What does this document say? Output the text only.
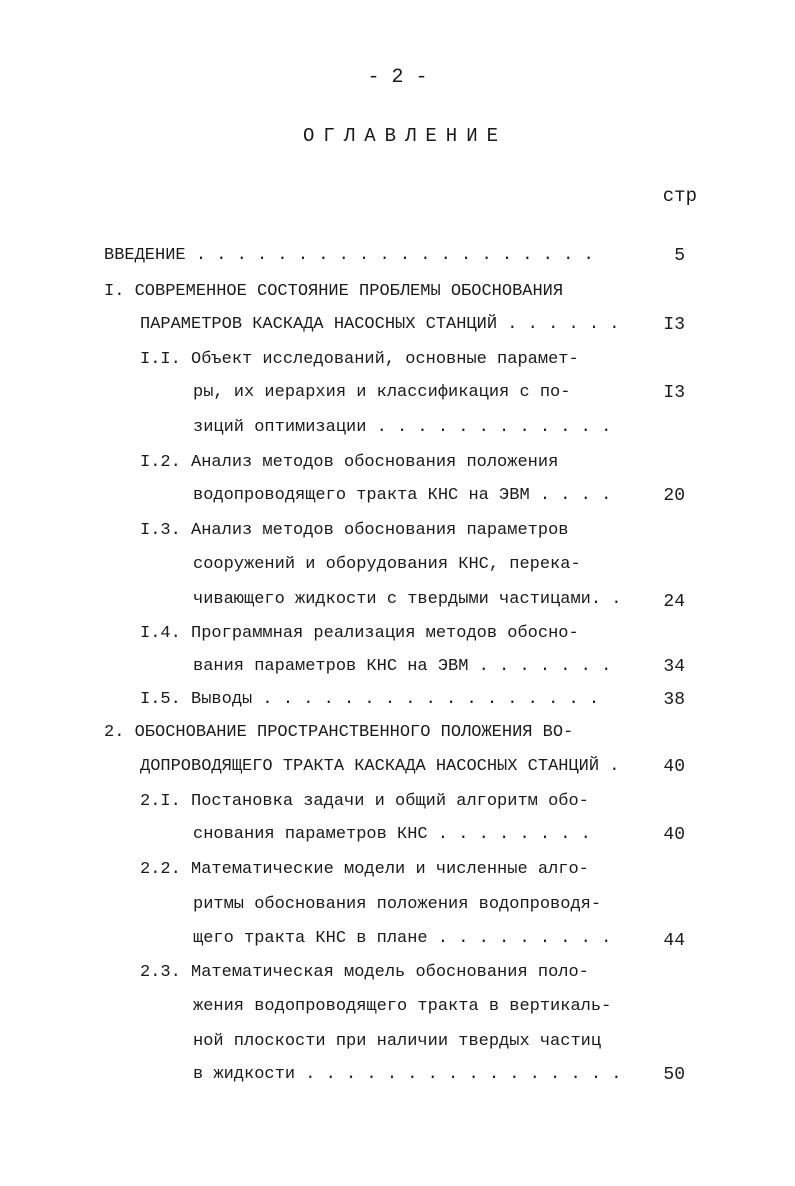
- 2 -
ОГЛАВЛЕНИЕ
стр
ВВЕДЕНИЕ . . . . . . . . . . . . . . . . . . . .	5
I. СОВРЕМЕННОЕ СОСТОЯНИЕ ПРОБЛЕМЫ ОБОСНОВАНИЯ
ПАРАМЕТРОВ КАСКАДА НАСОСНЫХ СТАНЦИЙ . . . . . . I3
I.I. Объект исследований, основные парамет-
ры, их иерархия и классификация с по-	I3
зиций оптимизации . . . . . . . . . . . .
I.2. Анализ методов обоснования положения
водопроводящего тракта КНС на ЭВМ . . . .	20
I.3. Анализ методов обоснования параметров
сооружений и оборудования КНС, перека-
чивающего жидкости с твердыми частицами. . 24
I.4. Программная реализация методов обосно-
вания параметров КНС на ЭВМ . . . . . . .	34
I.5. Выводы . . . . . . . . . . . . . . . . .	38
2. ОБОСНОВАНИЕ ПРОСТРАНСТВЕННОГО ПОЛОЖЕНИЯ ВО-
ДОПРОВОДЯЩЕГО ТРАКТА КАСКАДА НАСОСНЫХ СТАНЦИЙ . 40
2.I. Постановка задачи и общий алгоритм обо-
снования параметров КНС . . . . . . . .	40
2.2. Математические модели и численные алго-
ритмы обоснования положения водопроводя-
щего тракта КНС в плане . . . . . . . . .	44
2.3. Математическая модель обоснования поло-
жения водопроводящего тракта в вертикаль-
ной плоскости при наличии твердых частиц
в жидкости . . . . . . . . . . . . . . . . 50
